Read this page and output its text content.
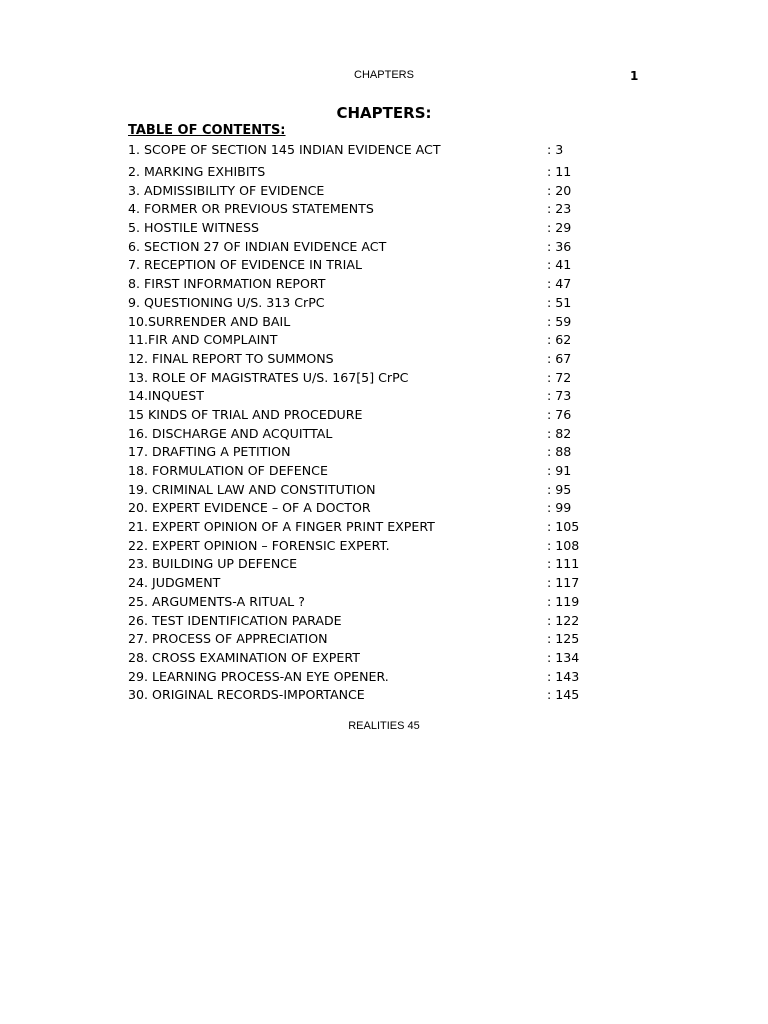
CHAPTERS	1
CHAPTERS:
TABLE OF CONTENTS:
1. SCOPE OF SECTION 145 INDIAN EVIDENCE ACT	: 3
2. MARKING EXHIBITS	: 11
3. ADMISSIBILITY OF EVIDENCE	: 20
4. FORMER OR PREVIOUS STATEMENTS	: 23
5. HOSTILE WITNESS	: 29
6. SECTION 27 OF INDIAN EVIDENCE ACT	: 36
7. RECEPTION OF EVIDENCE IN TRIAL	: 41
8. FIRST INFORMATION REPORT	: 47
9. QUESTIONING U/S. 313 CrPC	: 51
10.SURRENDER AND BAIL	: 59
11.FIR AND COMPLAINT	: 62
12. FINAL REPORT TO SUMMONS	: 67
13. ROLE OF MAGISTRATES U/S. 167[5] CrPC	: 72
14.INQUEST	: 73
15 KINDS OF TRIAL AND PROCEDURE	: 76
16. DISCHARGE AND ACQUITTAL	: 82
17. DRAFTING A PETITION	: 88
18. FORMULATION OF DEFENCE	: 91
19. CRIMINAL LAW AND CONSTITUTION	: 95
20. EXPERT EVIDENCE – OF A DOCTOR	: 99
21. EXPERT OPINION OF A FINGER PRINT EXPERT	: 105
22. EXPERT OPINION – FORENSIC EXPERT.	: 108
23. BUILDING UP DEFENCE	: 111
24. JUDGMENT	: 117
25. ARGUMENTS-A RITUAL ?	: 119
26. TEST IDENTIFICATION PARADE	: 122
27. PROCESS OF APPRECIATION	: 125
28. CROSS EXAMINATION OF EXPERT	: 134
29. LEARNING PROCESS-AN EYE OPENER.	: 143
30. ORIGINAL RECORDS-IMPORTANCE	: 145
REALITIES 45
